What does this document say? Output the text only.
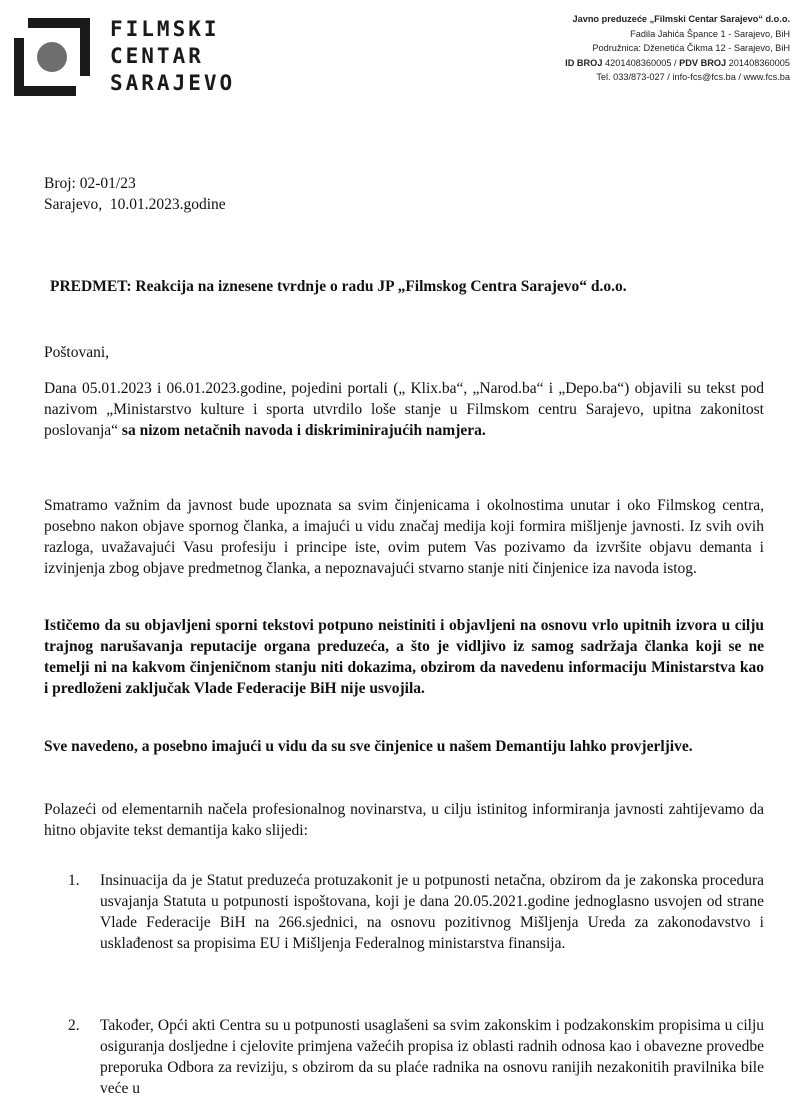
FILMSKI
CENTAR
SARAJEVO
Javno preduzeće „Filmski Centar Sarajevo“ d.o.o.
Fadila Jahića Špance 1 - Sarajevo, BiH
Podružnica: Dženetića Čikma 12 - Sarajevo, BiH
ID BROJ 4201408360005 / PDV BROJ 201408360005
Tel. 033/873-027 / info-fcs@fcs.ba / www.fcs.ba
Broj: 02-01/23
Sarajevo,  10.01.2023.godine
PREDMET: Reakcija na iznesene tvrdnje o radu JP „Filmskog Centra Sarajevo“ d.o.o.
Poštovani,
Dana 05.01.2023 i 06.01.2023.godine, pojedini portali („ Klix.ba“, „Narod.ba“ i „Depo.ba“) objavili su tekst pod nazivom „Ministarstvo kulture i sporta utvrdilo loše stanje u Filmskom centru Sarajevo, upitna zakonitost poslovanja“ sa nizom netačnih navoda i diskriminirajućih namjera.
Smatramo važnim da javnost bude upoznata sa svim činjenicama i okolnostima unutar i oko Filmskog centra, posebno nakon objave spornog članka, a imajući u vidu značaj medija koji formira mišljenje javnosti. Iz svih ovih razloga, uvažavajući Vasu profesiju i principe iste, ovim putem Vas pozivamo da izvršite objavu demanta i izvinjenja zbog objave predmetnog članka, a nepoznavajući stvarno stanje niti činjenice iza navoda istog.
Ističemo da su objavljeni sporni tekstovi potpuno neistiniti i objavljeni na osnovu vrlo upitnih izvora u cilju trajnog narušavanja reputacije organa preduzeća, a što je vidljivo iz samog sadržaja članka koji se ne temelji ni na kakvom činjeničnom stanju niti dokazima, obzirom da navedenu informaciju Ministarstva kao i predloženi zaključak Vlade Federacije BiH nije usvojila.
Sve navedeno, a posebno imajući u vidu da su sve činjenice u našem Demantiju lahko provjerljive.
Polazeći od elementarnih načela profesionalnog novinarstva, u cilju istinitog informiranja javnosti zahtijevamo da hitno objavite tekst demantija kako slijedi:
1.	Insinuacija da je Statut preduzeća protuzakonit je u potpunosti netačna, obzirom da je zakonska procedura usvajanja Statuta u potpunosti ispoštovana, koji je dana 20.05.2021.godine jednoglasno usvojen od strane Vlade Federacije BiH na 266.sjednici, na osnovu pozitivnog Mišljenja Ureda za zakonodavstvo i usklađenost sa propisima EU i Mišljenja Federalnog ministarstva finansija.
2.	Također, Opći akti Centra su u potpunosti usaglašeni sa svim zakonskim i podzakonskim propisima u cilju osiguranja dosljedne i cjelovite primjena važećih propisa iz oblasti radnih odnosa kao i obavezne provedbe preporuka Odbora za reviziju, s obzirom da su plaće radnika na osnovu ranijih nezakonitih pravilnika bile veće u
